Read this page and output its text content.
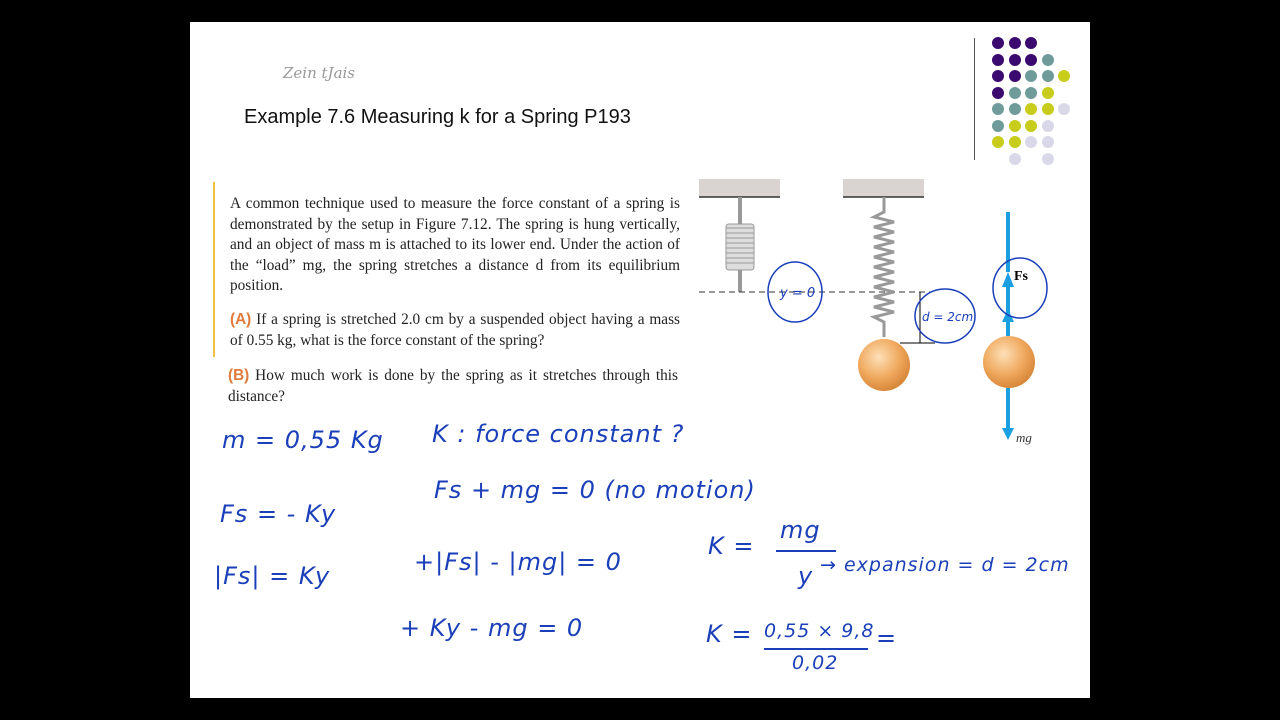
Zein tJais
Example 7.6 Measuring k for a Spring P193
A common technique used to measure the force constant of a spring is demonstrated by the setup in Figure 7.12. The spring is hung vertically, and an object of mass m is attached to its lower end. Under the action of the “load” mg, the spring stretches a distance d from its equilibrium position.
(A) If a spring is stretched 2.0 cm by a suspended object having a mass of 0.55 kg, what is the force constant of the spring?
(B) How much work is done by the spring as it stretches through this distance?
Fs
mg
y = 0
d = 2cm
m = 0,55 Kg
Fs = - Ky
|Fs| = Ky
K : force constant ?
Fs + mg = 0 (no motion)
+|Fs| - |mg| = 0
+ Ky - mg = 0
K =
mg
y → expansion = d = 2cm
K = 0,55 × 9,8
0,02
=
